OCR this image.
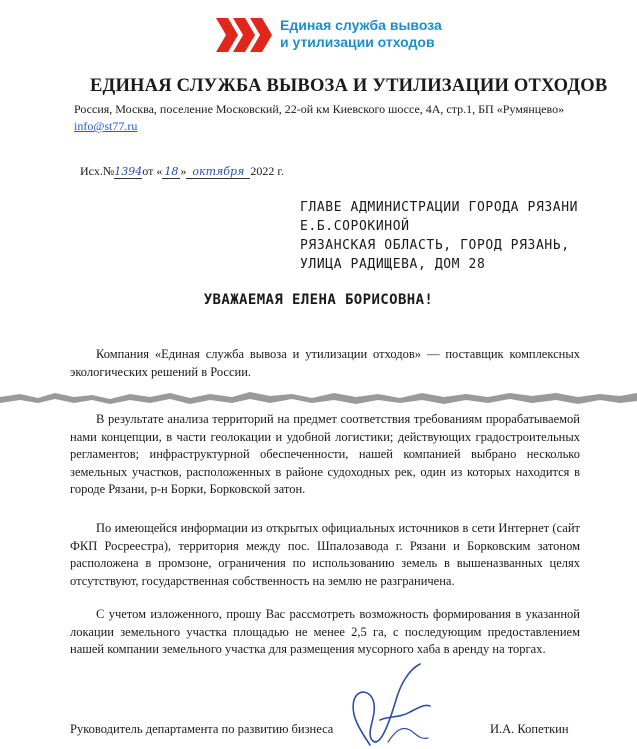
Единая служба вывоза
и утилизации отходов
ЕДИНАЯ СЛУЖБА ВЫВОЗА И УТИЛИЗАЦИИ ОТХОДОВ
Россия, Москва, поселение Московский, 22-ой км Киевского шоссе, 4А, стр.1, БП «Румянцево»
info@st77.ru
Исх.№1394от « 18 » октября 2022 г.
ГЛАВЕ АДМИНИСТРАЦИИ ГОРОДА РЯЗАНИ
Е.Б.СОРОКИНОЙ
РЯЗАНСКАЯ ОБЛАСТЬ, ГОРОД РЯЗАНЬ,
УЛИЦА РАДИЩЕВА, ДОМ 28
УВАЖАЕМАЯ ЕЛЕНА БОРИСОВНА!
Компания «Единая служба вывоза и утилизации отходов» — поставщик комплексных экологических решений в России.
В результате анализа территорий на предмет соответствия требованиям прорабатываемой нами концепции, в части геолокации и удобной логистики; действующих градостроительных регламентов; инфраструктурной обеспеченности, нашей компанией выбрано несколько земельных участков, расположенных в районе судоходных рек, один из которых находится в городе Рязани, р-н Борки, Борковской затон.
По имеющейся информации из открытых официальных источников в сети Интернет (сайт ФКП Росреестра), территория между пос. Шпалозавода г. Рязани и Борковским затоном расположена в промзоне, ограничения по использованию земель в вышеназванных целях отсутствуют, государственная собственность на землю не разграничена.
С учетом изложенного, прошу Вас рассмотреть возможность формирования в указанной локации земельного участка площадью не менее 2,5 га, с последующим предоставлением нашей компании земельного участка для размещения мусорного хаба в аренду на торгах.
Руководитель департамента по развитию бизнеса	И.А. Копеткин
